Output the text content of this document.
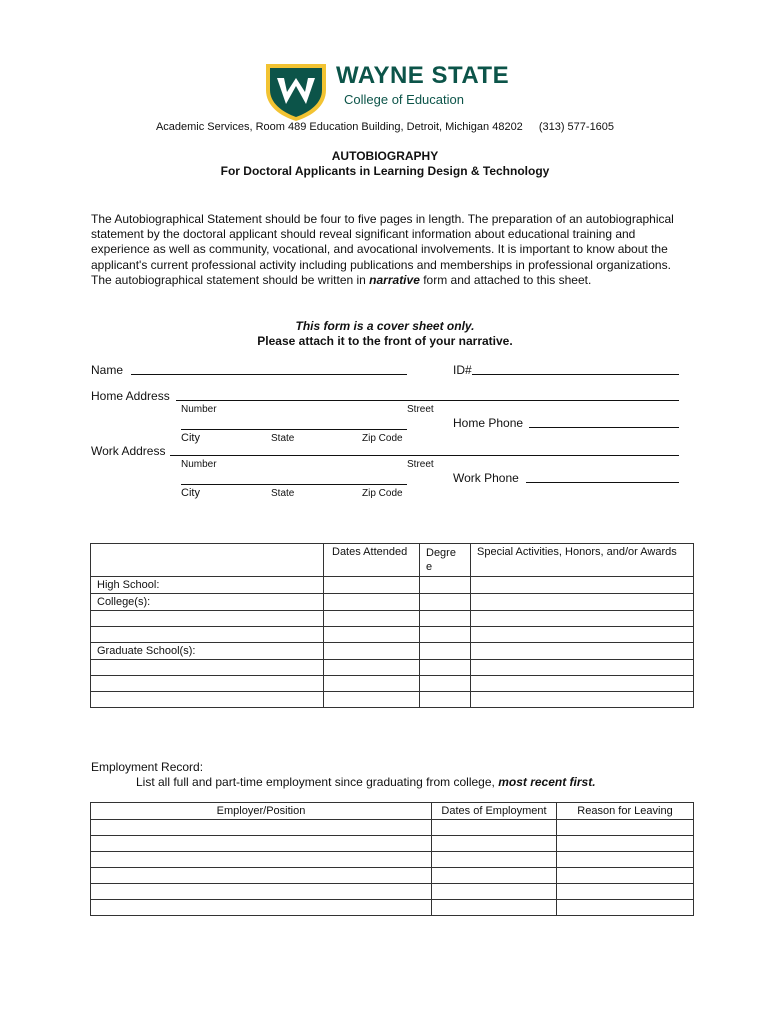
WAYNE STATE
College of Education
Academic Services, Room 489 Education Building, Detroit, Michigan 48202 (313) 577-1605
AUTOBIOGRAPHY
For Doctoral Applicants in Learning Design & Technology
The Autobiographical Statement should be four to five pages in length. The preparation of an autobiographical statement by the doctoral applicant should reveal significant information about educational training and experience as well as community, vocational, and avocational involvements. It is important to know about the applicant's current professional activity including publications and memberships in professional organizations. The autobiographical statement should be written in narrative form and attached to this sheet.
This form is a cover sheet only.
Please attach it to the front of your narrative.
Name	ID#
Home Address
Number	Street
City	State	Zip Code
Home Phone
Work Address
Number	Street
City	State	Zip Code
Work Phone
	Dates Attended	Degre e	Special Activities, Honors, and/or Awards
High School:			
College(s):			

Graduate School(s):			

Employment Record:
List all full and part-time employment since graduating from college, most recent first.
Employer/Position	Dates of Employment	Reason for Leaving
